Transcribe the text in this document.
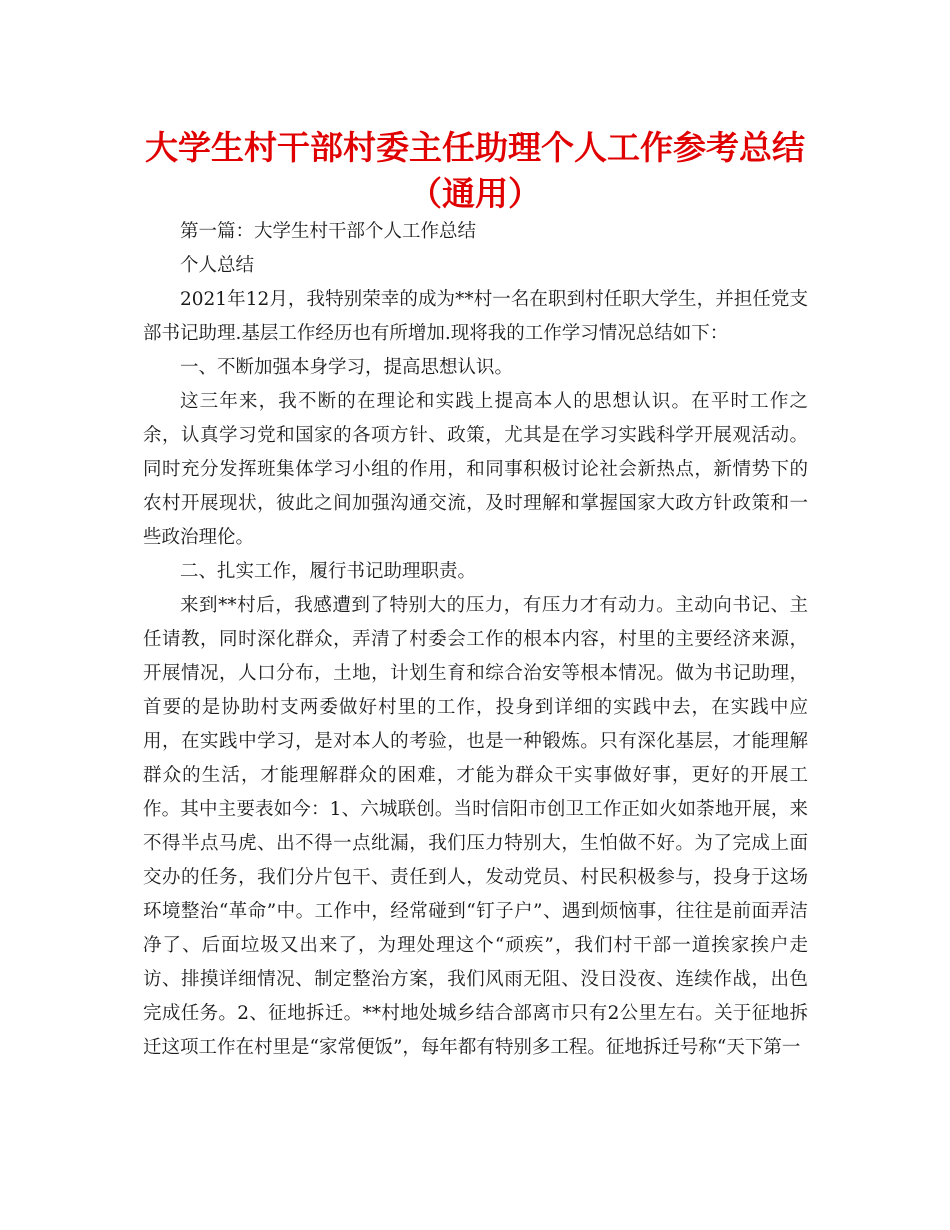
大学生村干部村委主任助理个人工作参考总结
（通用）

第一篇：大学生村干部个人工作总结

个人总结

2021年12月，我特别荣幸的成为**村一名在职到村任职大学生，并担任党支部书记助理.基层工作经历也有所增加.现将我的工作学习情况总结如下：

一、不断加强本身学习，提高思想认识。

这三年来，我不断的在理论和实践上提高本人的思想认识。在平时工作之余，认真学习党和国家的各项方针、政策，尤其是在学习实践科学开展观活动。同时充分发挥班集体学习小组的作用，和同事积极讨论社会新热点，新情势下的农村开展现状，彼此之间加强沟通交流，及时理解和掌握国家大政方针政策和一些政治理伦。

二、扎实工作，履行书记助理职责。

来到**村后，我感遭到了特别大的压力，有压力才有动力。主动向书记、主任请教，同时深化群众，弄清了村委会工作的根本内容，村里的主要经济来源，开展情况，人口分布，土地，计划生育和综合治安等根本情况。做为书记助理，首要的是协助村支两委做好村里的工作，投身到详细的实践中去，在实践中应用，在实践中学习，是对本人的考验，也是一种锻炼。只有深化基层，才能理解群众的生活，才能理解群众的困难，才能为群众干实事做好事，更好的开展工作。其中主要表如今：1、六城联创。当时信阳市创卫工作正如火如荼地开展，来不得半点马虎、出不得一点纰漏，我们压力特别大，生怕做不好。为了完成上面交办的任务，我们分片包干、责任到人，发动党员、村民积极参与，投身于这场环境整治“革命”中。工作中，经常碰到“钉子户”、遇到烦恼事，往往是前面弄洁净了、后面垃圾又出来了，为理处理这个“顽疾”，我们村干部一道挨家挨户走访、排摸详细情况、制定整治方案，我们风雨无阻、没日没夜、连续作战，出色完成任务。2、征地拆迁。**村地处城乡结合部离市只有2公里左右。关于征地拆迁这项工作在村里是“家常便饭”，每年都有特别多工程。征地拆迁号称“天下第一
